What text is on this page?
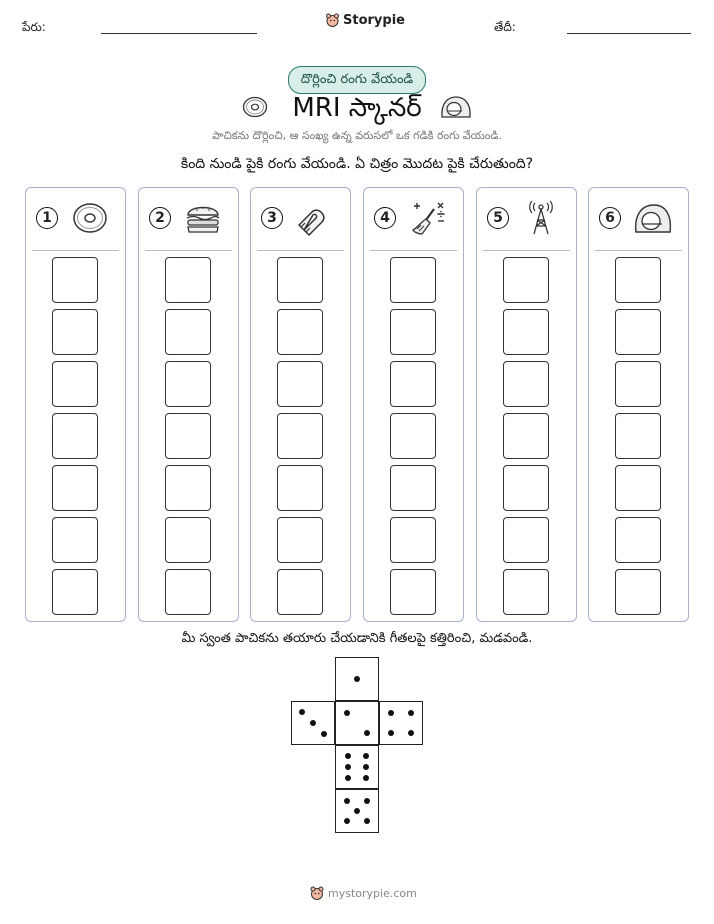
పేరు:	Storypie	తేదీ:
దొర్లించి రంగు వేయండి
MRI స్కానర్
పాచికను దొర్లించి, ఆ సంఖ్య ఉన్న వరుసలో ఒక గడికి రంగు వేయండి.
కింది నుండి పైకి రంగు వేయండి. ఏ చిత్రం మొదట పైకి చేరుతుంది?
1	2	3	4	5	6
మీ స్వంత పాచికను తయారు చేయడానికి గీతలపై కత్తిరించి, మడవండి.
mystorypie.com
